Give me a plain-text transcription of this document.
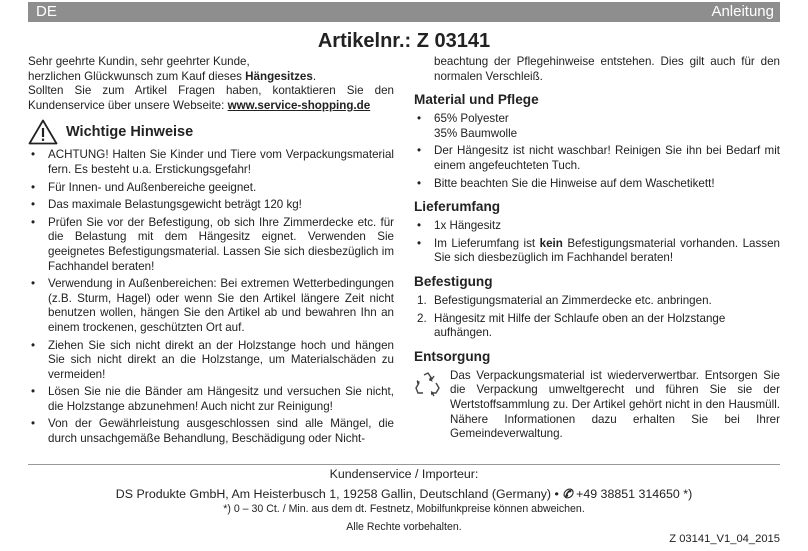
DE	Anleitung
Artikelnr.: Z 03141

Sehr geehrte Kundin, sehr geehrter Kunde,

herzlichen Glückwunsch zum Kauf dieses Hängesitzes.

Sollten Sie zum Artikel Fragen haben, kontaktieren Sie den Kundenservice über unsere Webseite: www.service-shopping.de

Wichtige Hinweise
• ACHTUNG! Halten Sie Kinder und Tiere vom Verpackungsmaterial fern. Es besteht u.a. Erstickungsgefahr!
• Für Innen- und Außenbereiche geeignet.
• Das maximale Belastungsgewicht beträgt 120 kg!
• Prüfen Sie vor der Befestigung, ob sich Ihre Zimmerdecke etc. für die Belastung mit dem Hängesitz eignet. Verwenden Sie geeignetes Befestigungsmaterial. Lassen Sie sich diesbezüglich im Fachhandel beraten!
• Verwendung in Außenbereichen: Bei extremen Wetterbedingungen (z.B. Sturm, Hagel) oder wenn Sie den Artikel längere Zeit nicht benutzen wollen, hängen Sie den Artikel ab und bewahren Ihn an einem trockenen, geschützten Ort auf.
• Ziehen Sie sich nicht direkt an der Holzstange hoch und hängen Sie sich nicht direkt an die Holzstange, um Materialschäden zu vermeiden!
• Lösen Sie nie die Bänder am Hängesitz und versuchen Sie nicht, die Holzstange abzunehmen! Auch nicht zur Reinigung!
• Von der Gewährleistung ausgeschlossen sind alle Mängel, die durch unsachgemäße Behandlung, Beschädigung oder Nicht-

beachtung der Pflegehinweise entstehen. Dies gilt auch für den normalen Verschleiß.

Material und Pflege
• 65% Polyester
35% Baumwolle
• Der Hängesitz ist nicht waschbar! Reinigen Sie ihn bei Bedarf mit einem angefeuchteten Tuch.
• Bitte beachten Sie die Hinweise auf dem Waschetikett!
Lieferumfang
• 1x Hängesitz
• Im Lieferumfang ist kein Befestigungsmaterial vorhanden. Lassen Sie sich diesbezüglich im Fachhandel beraten!
Befestigung
1. Befestigungsmaterial an Zimmerdecke etc. anbringen.
2. Hängesitz mit Hilfe der Schlaufe oben an der Holzstange aufhängen.
Entsorgung

Das Verpackungsmaterial ist wiederverwertbar. Entsorgen Sie die Verpackung umweltgerecht und führen Sie sie der Wertstoffsammlung zu. Der Artikel gehört nicht in den Hausmüll. Nähere Informationen dazu erhalten Sie bei Ihrer Gemeindeverwaltung.

Kundenservice / Importeur:
DS Produkte GmbH, Am Heisterbusch 1, 19258 Gallin, Deutschland (Germany) • ✆ +49 38851 314650 *)
*) 0 – 30 Ct. / Min. aus dem dt. Festnetz, Mobilfunkpreise können abweichen.
Alle Rechte vorbehalten.
Z 03141_V1_04_2015
